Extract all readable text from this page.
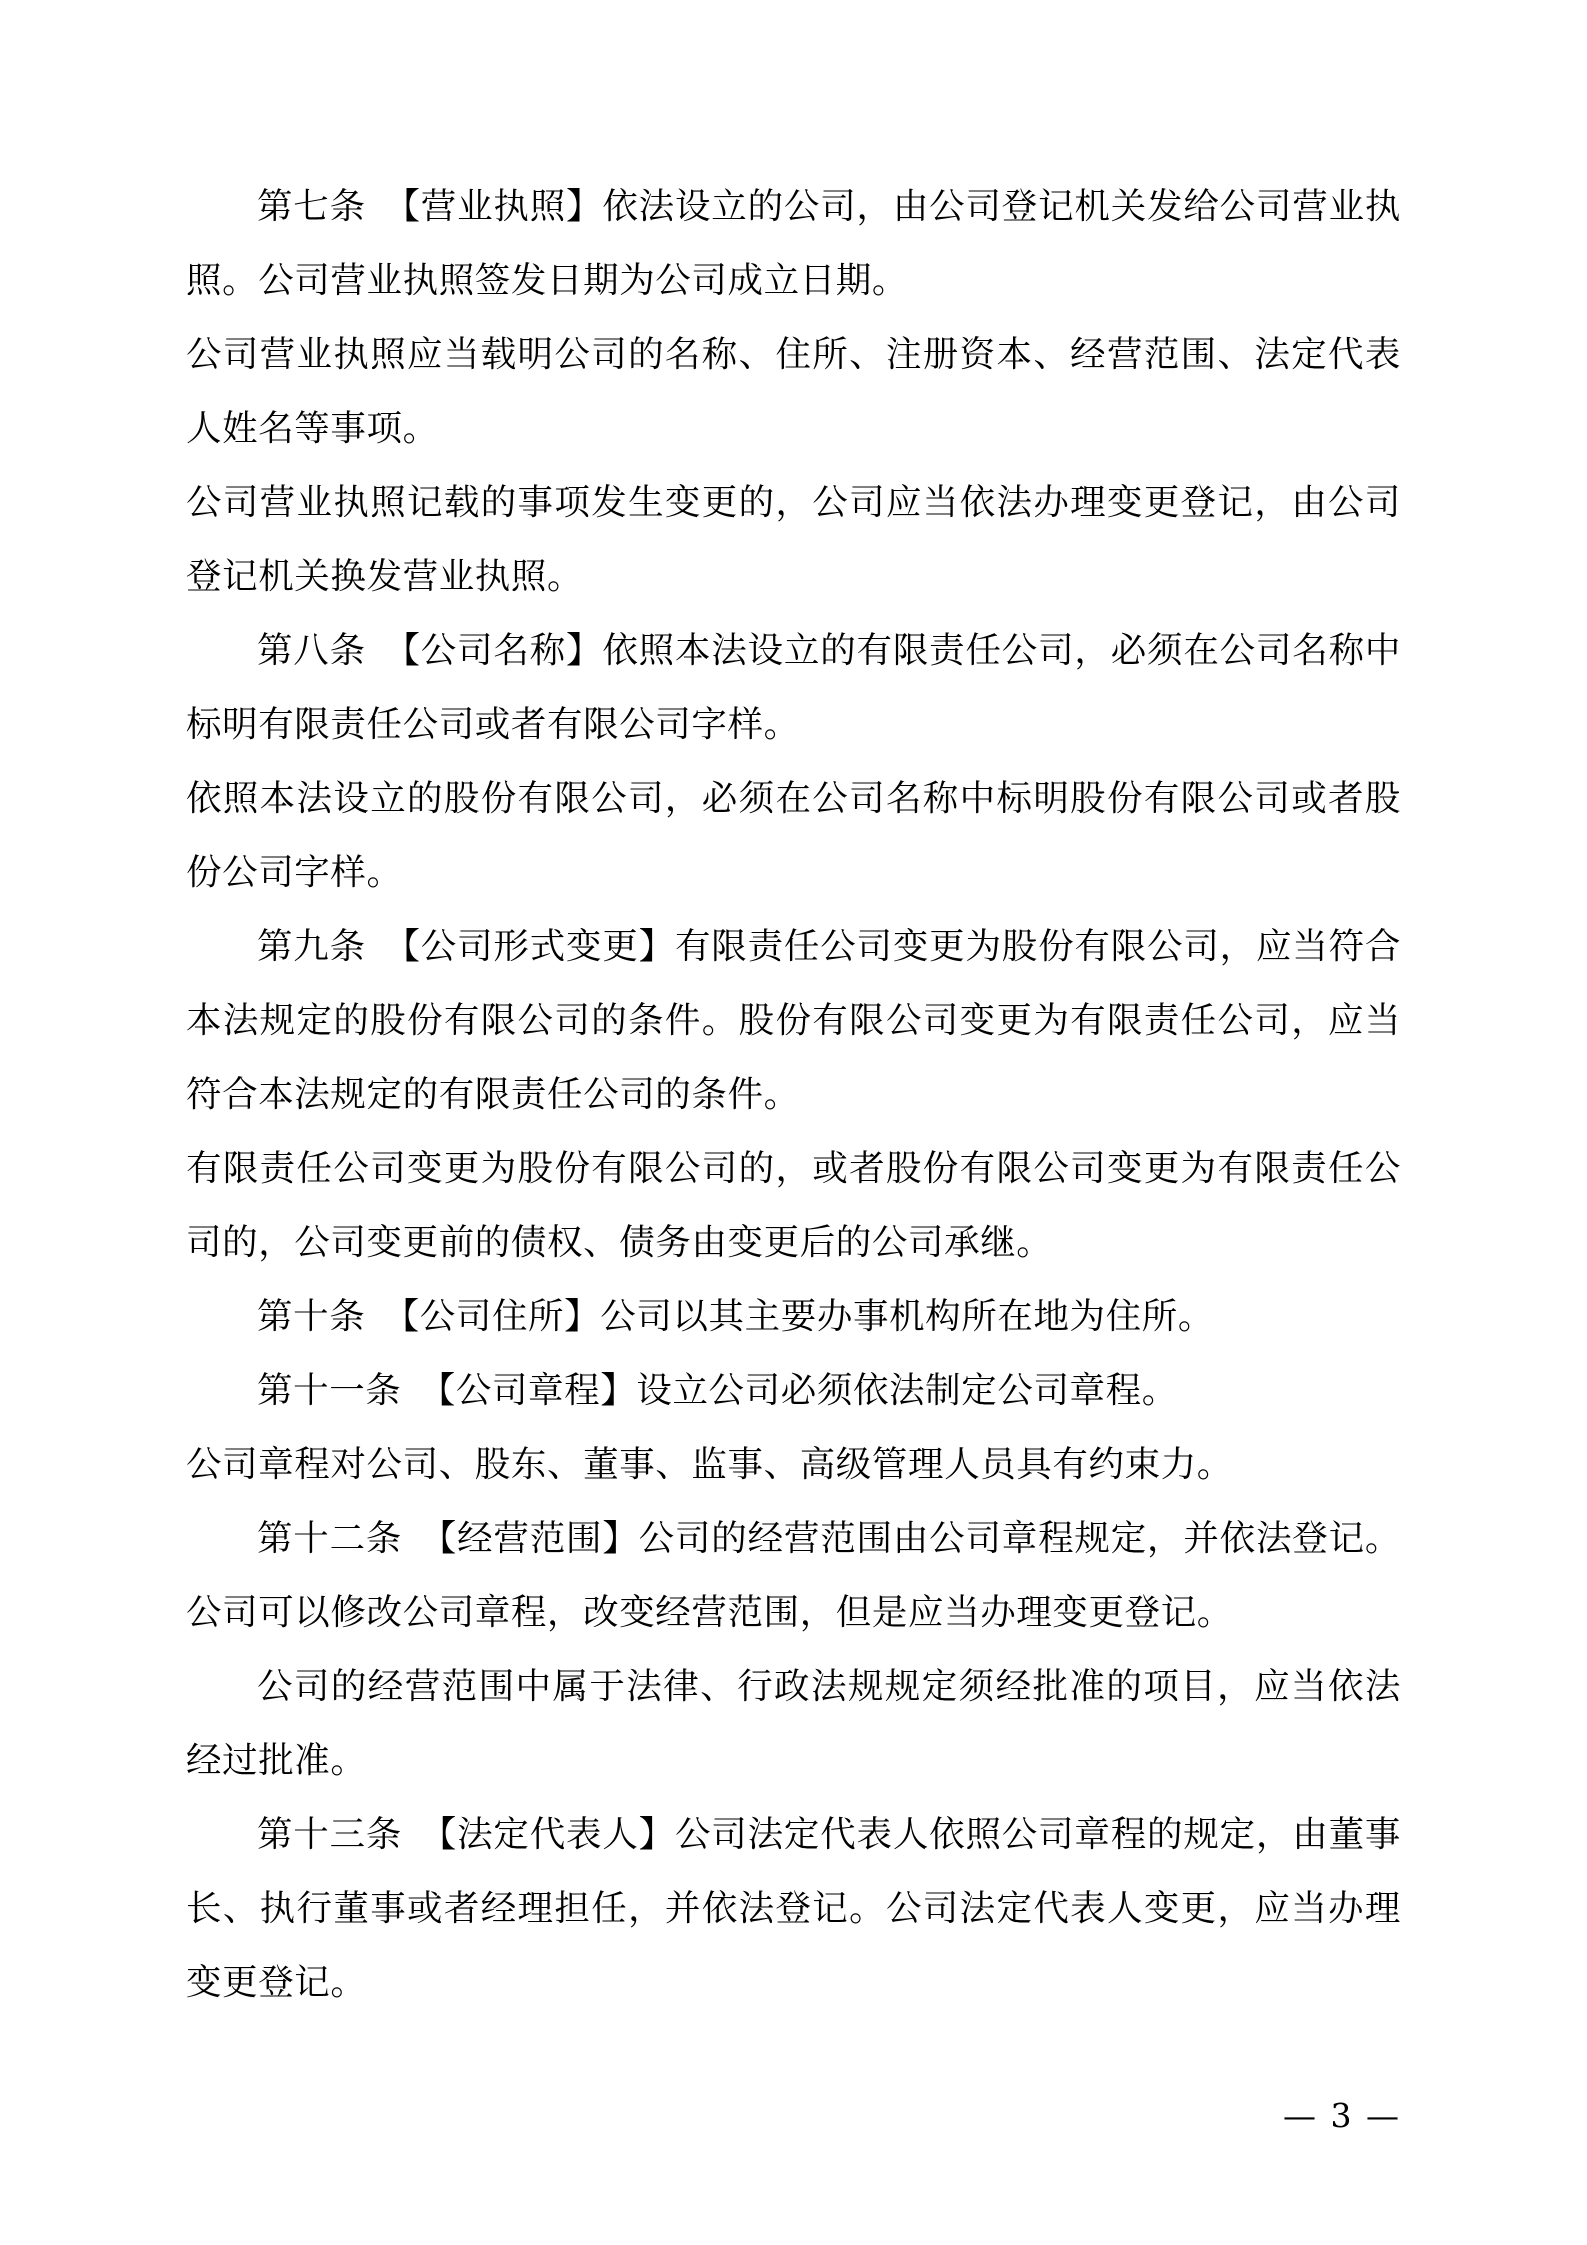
第七条　【营业执照】依法设立的公司，由公司登记机关发给公司营业执照。公司营业执照签发日期为公司成立日期。

公司营业执照应当载明公司的名称、住所、注册资本、经营范围、法定代表人姓名等事项。

公司营业执照记载的事项发生变更的，公司应当依法办理变更登记，由公司登记机关换发营业执照。

第八条　【公司名称】依照本法设立的有限责任公司，必须在公司名称中标明有限责任公司或者有限公司字样。

依照本法设立的股份有限公司，必须在公司名称中标明股份有限公司或者股份公司字样。

第九条　【公司形式变更】有限责任公司变更为股份有限公司，应当符合本法规定的股份有限公司的条件。股份有限公司变更为有限责任公司，应当符合本法规定的有限责任公司的条件。

有限责任公司变更为股份有限公司的，或者股份有限公司变更为有限责任公司的，公司变更前的债权、债务由变更后的公司承继。

第十条　【公司住所】公司以其主要办事机构所在地为住所。

第十一条　【公司章程】设立公司必须依法制定公司章程。

公司章程对公司、股东、董事、监事、高级管理人员具有约束力。

第十二条　【经营范围】公司的经营范围由公司章程规定，并依法登记。公司可以修改公司章程，改变经营范围，但是应当办理变更登记。

公司的经营范围中属于法律、行政法规规定须经批准的项目，应当依法经过批准。

第十三条　【法定代表人】公司法定代表人依照公司章程的规定，由董事长、执行董事或者经理担任，并依法登记。公司法定代表人变更，应当办理变更登记。

— 3 —
